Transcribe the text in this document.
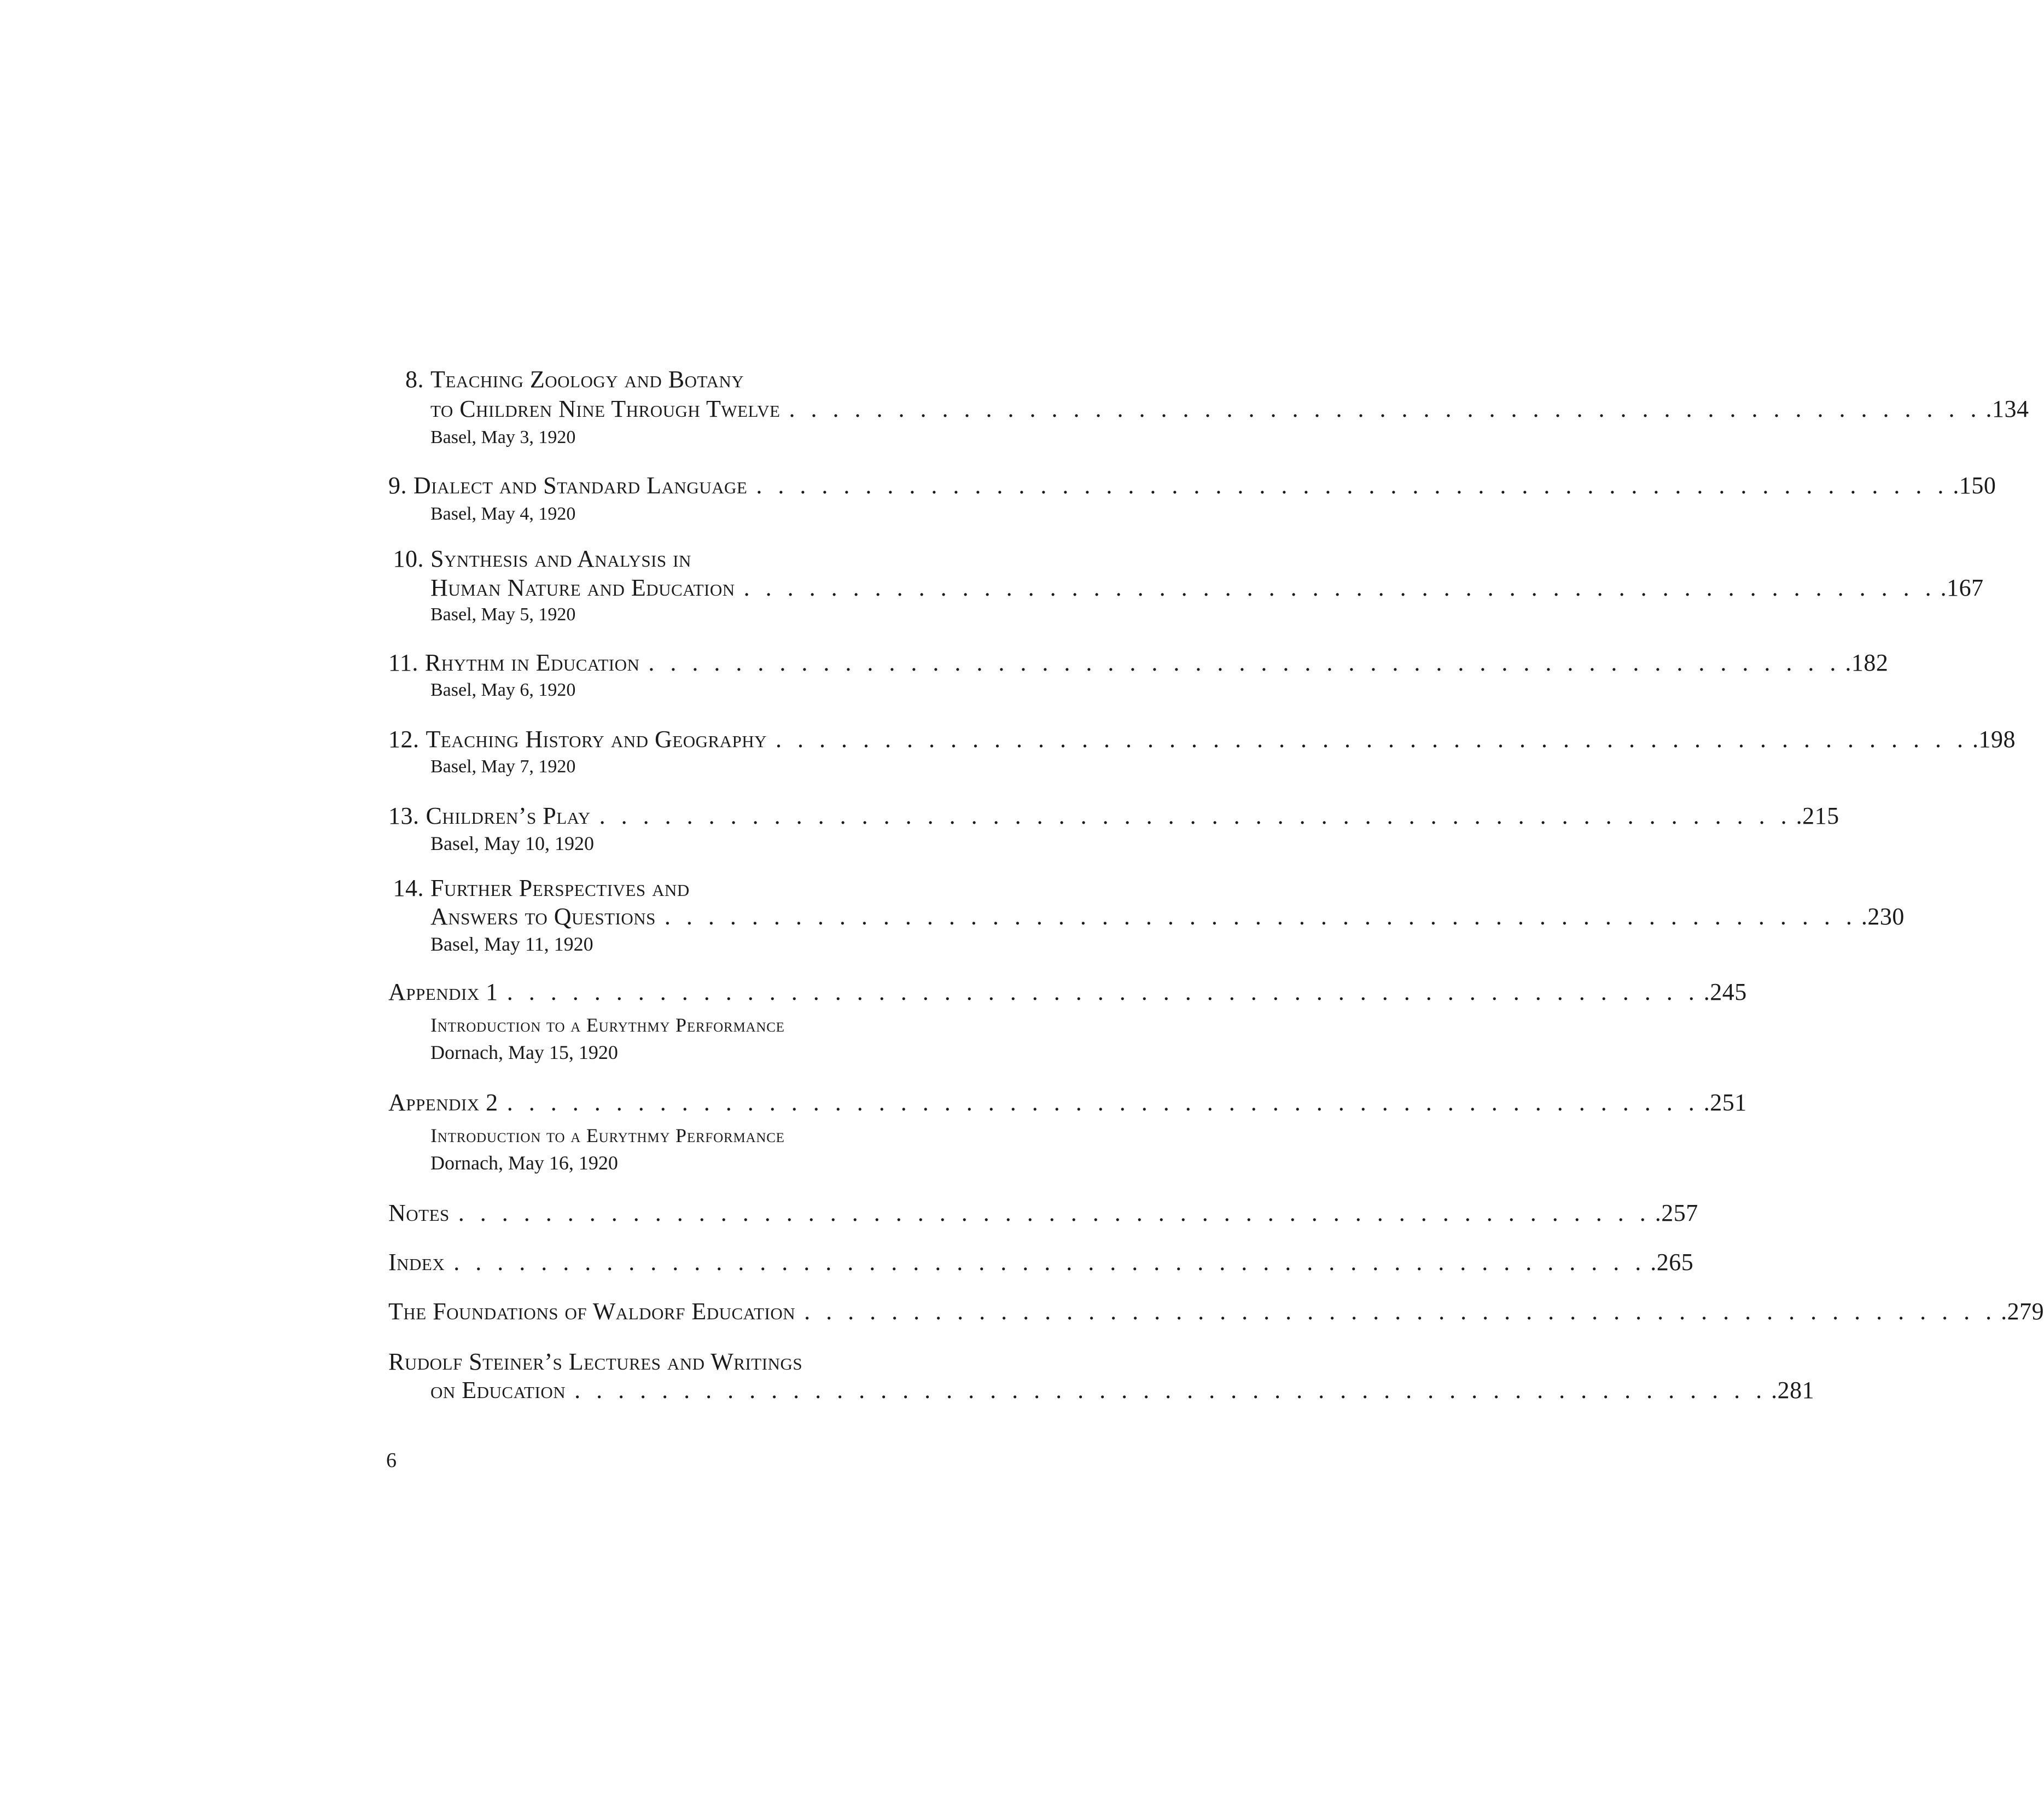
8. Teaching Zoology and Botany
to Children Nine Through Twelve . . . . . . . . . . . . . . . . . . . . . . . . . . . . . . . . . . . . . . . . . . . . . . . . . . . . . . . .134
Basel, May 3, 1920
9. Dialect and Standard Language . . . . . . . . . . . . . . . . . . . . . . . . . . . . . . . . . . . . . . . . . . . . . . . . . . . . . . . .150
Basel, May 4, 1920
10. Synthesis and Analysis in
Human Nature and Education . . . . . . . . . . . . . . . . . . . . . . . . . . . . . . . . . . . . . . . . . . . . . . . . . . . . . . . .167
Basel, May 5, 1920
11. Rhythm in Education . . . . . . . . . . . . . . . . . . . . . . . . . . . . . . . . . . . . . . . . . . . . . . . . . . . . . . . .182
Basel, May 6, 1920
12. Teaching History and Geography . . . . . . . . . . . . . . . . . . . . . . . . . . . . . . . . . . . . . . . . . . . . . . . . . . . . . . . .198
Basel, May 7, 1920
13. Children’s Play . . . . . . . . . . . . . . . . . . . . . . . . . . . . . . . . . . . . . . . . . . . . . . . . . . . . . . . .215
Basel, May 10, 1920
14. Further Perspectives and
Answers to Questions . . . . . . . . . . . . . . . . . . . . . . . . . . . . . . . . . . . . . . . . . . . . . . . . . . . . . . . .230
Basel, May 11, 1920
Appendix 1 . . . . . . . . . . . . . . . . . . . . . . . . . . . . . . . . . . . . . . . . . . . . . . . . . . . . . . . .245
Introduction to a Eurythmy Performance
Dornach, May 15, 1920
Appendix 2 . . . . . . . . . . . . . . . . . . . . . . . . . . . . . . . . . . . . . . . . . . . . . . . . . . . . . . . .251
Introduction to a Eurythmy Performance
Dornach, May 16, 1920
Notes . . . . . . . . . . . . . . . . . . . . . . . . . . . . . . . . . . . . . . . . . . . . . . . . . . . . . . . .257
Index . . . . . . . . . . . . . . . . . . . . . . . . . . . . . . . . . . . . . . . . . . . . . . . . . . . . . . . .265
The Foundations of Waldorf Education . . . . . . . . . . . . . . . . . . . . . . . . . . . . . . . . . . . . . . . . . . . . . . . . . . . . . . . .279
Rudolf Steiner’s Lectures and Writings
on Education . . . . . . . . . . . . . . . . . . . . . . . . . . . . . . . . . . . . . . . . . . . . . . . . . . . . . . . .281
6
